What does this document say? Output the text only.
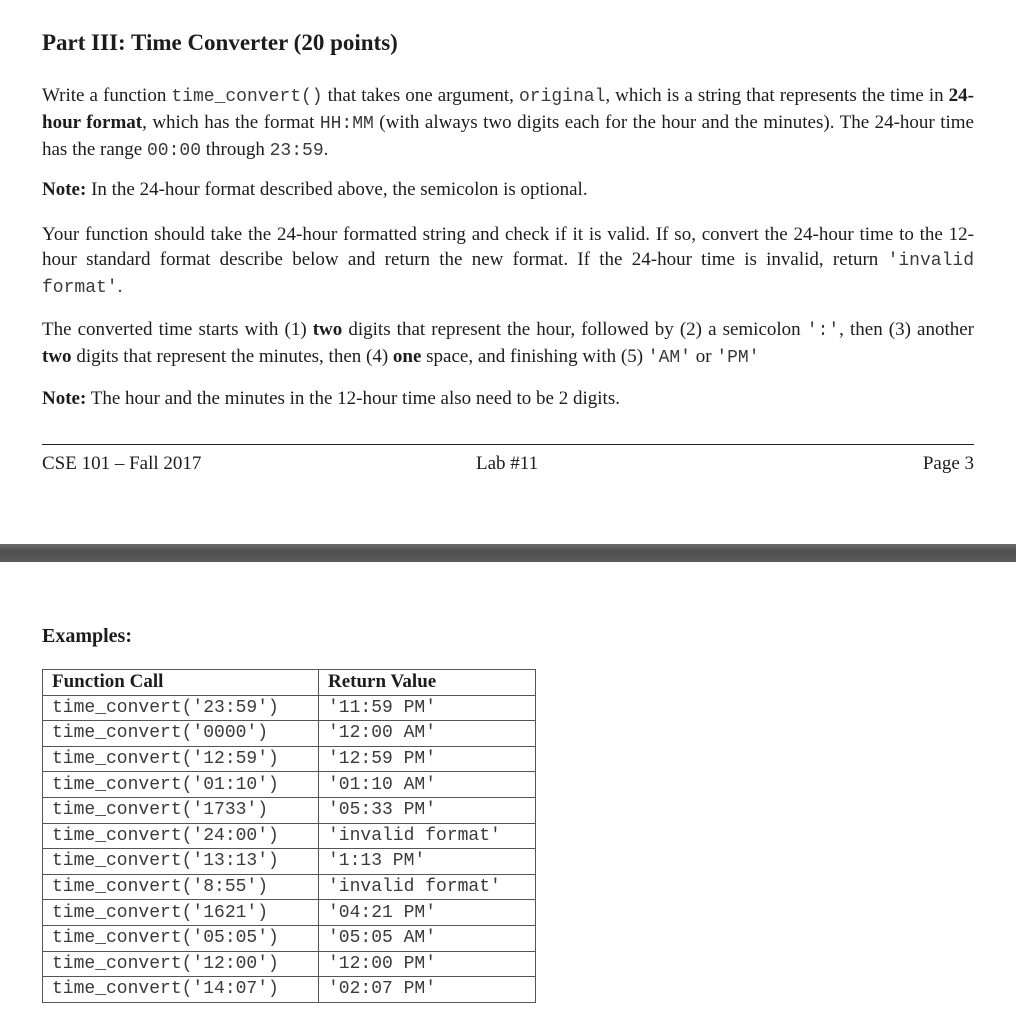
Part III: Time Converter (20 points)

Write a function time_convert() that takes one argument, original, which is a string that represents the time in 24-hour format, which has the format HH:MM (with always two digits each for the hour and the minutes). The 24-hour time has the range 00:00 through 23:59.

Note: In the 24-hour format described above, the semicolon is optional.

Your function should take the 24-hour formatted string and check if it is valid. If so, convert the 24-hour time to the 12-hour standard format describe below and return the new format. If the 24-hour time is invalid, return 'invalid format'.

The converted time starts with (1) two digits that represent the hour, followed by (2) a semicolon ':', then (3) another two digits that represent the minutes, then (4) one space, and finishing with (5) 'AM' or 'PM'

Note: The hour and the minutes in the 12-hour time also need to be 2 digits.

CSE 101 – Fall 2017	Lab #11	Page 3

Examples:

Function Call	Return Value
time_convert('23:59')	'11:59 PM'
time_convert('0000')	'12:00 AM'
time_convert('12:59')	'12:59 PM'
time_convert('01:10')	'01:10 AM'
time_convert('1733')	'05:33 PM'
time_convert('24:00')	'invalid format'
time_convert('13:13')	'1:13 PM'
time_convert('8:55')	'invalid format'
time_convert('1621')	'04:21 PM'
time_convert('05:05')	'05:05 AM'
time_convert('12:00')	'12:00 PM'
time_convert('14:07')	'02:07 PM'
